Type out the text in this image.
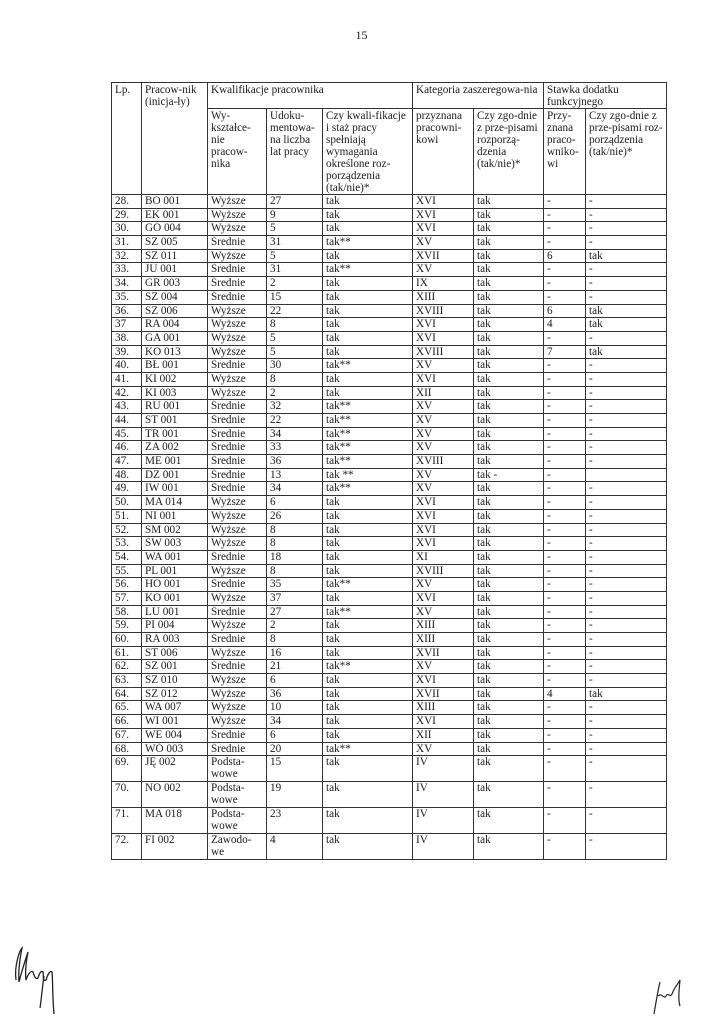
15
Lp.	Pracow-nik (inicja-ły)	Kwalifikacje pracownika			Kategoria zaszeregowa-nia		Stawka dodatku funkcyjnego	
		Wy-kształce-nie pracow-nika	Udoku-mentowa-na liczba lat pracy	Czy kwali-fikacje i staż pracy spełniają wymagania określone roz-porządzenia (tak/nie)*	przyznana pracowni-kowi	Czy zgo-dnie z prze-pisami rozporzą-dzenia (tak/nie)*	Przy-znana praco-wniko-wi	Czy zgo-dnie z prze-pisami roz-porządzenia (tak/nie)*
28.	BO 001	Wyższe	27	tak	XVI	tak	-	-
29.	EK 001	Wyższe	9	tak	XVI	tak	-	-
30.	GÓ 004	Wyższe	5	tak	XVI	tak	-	-
31.	SZ 005	Średnie	31	tak**	XV	tak	-	-
32.	SZ 011	Wyższe	5	tak	XVII	tak	6	tak
33.	JU 001	Średnie	31	tak**	XV	tak	-	-
34.	GR 003	Średnie	2	tak	IX	tak	-	-
35.	SZ 004	Średnie	15	tak	XIII	tak	-	-
36.	SZ 006	Wyższe	22	tak	XVIII	tak	6	tak
37	RA 004	Wyższe	8	tak	XVI	tak	4	tak
38.	GA 001	Wyższe	5	tak	XVI	tak	-	-
39.	KO 013	Wyższe	5	tak	XVIII	tak	7	tak
40.	BŁ 001	Średnie	30	tak**	XV	tak	-	-
41.	KI 002	Wyższe	8	tak	XVI	tak	-	-
42.	KI 003	Wyższe	2	tak	XII	tak	-	-
43.	RU 001	Średnie	32	tak**	XV	tak	-	-
44.	ST 001	Średnie	22	tak**	XV	tak	-	-
45.	TR 001	Średnie	34	tak**	XV	tak	-	-
46.	ZA 002	Średnie	33	tak**	XV	tak	-	-
47.	ME 001	Średnie	36	tak**	XVIII	tak	-	-
48.	DZ 001	Średnie	13	tak **	XV	tak -	-	
49.	IW 001	Średnie	34	tak**	XV	tak	-	-
50.	MA 014	Wyższe	6	tak	XVI	tak	-	-
51.	NI 001	Wyższe	26	tak	XVI	tak	-	-
52.	SM 002	Wyższe	8	tak	XVI	tak	-	-
53.	ŚW 003	Wyższe	8	tak	XVI	tak	-	-
54.	WA 001	Średnie	18	tak	XI	tak	-	-
55.	PL 001	Wyższe	8	tak	XVIII	tak	-	-
56.	HO 001	Średnie	35	tak**	XV	tak	-	-
57.	KO 001	Wyższe	37	tak	XVI	tak	-	-
58.	LU 001	Średnie	27	tak**	XV	tak	-	-
59.	PI 004	Wyższe	2	tak	XIII	tak	-	-
60.	RA 003	Średnie	8	tak	XIII	tak	-	-
61.	ST 006	Wyższe	16	tak	XVII	tak	-	-
62.	SZ 001	Średnie	21	tak**	XV	tak	-	-
63.	SZ 010	Wyższe	6	tak	XVI	tak	-	-
64.	SZ 012	Wyższe	36	tak	XVII	tak	4	tak
65.	WA 007	Wyższe	10	tak	XIII	tak	-	-
66.	WI 001	Wyższe	34	tak	XVI	tak	-	-
67.	WE 004	Średnie	6	tak	XII	tak	-	-
68.	WÓ 003	Średnie	20	tak**	XV	tak	-	-
69.	JĘ 002	Podsta-wowe	15	tak	IV	tak	-	-
70.	NO 002	Podsta-wowe	19	tak	IV	tak	-	-
71.	MA 018	Podsta-wowe	23	tak	IV	tak	-	-
72.	FI 002	Zawodo-we	4	tak	IV	tak	-	-
